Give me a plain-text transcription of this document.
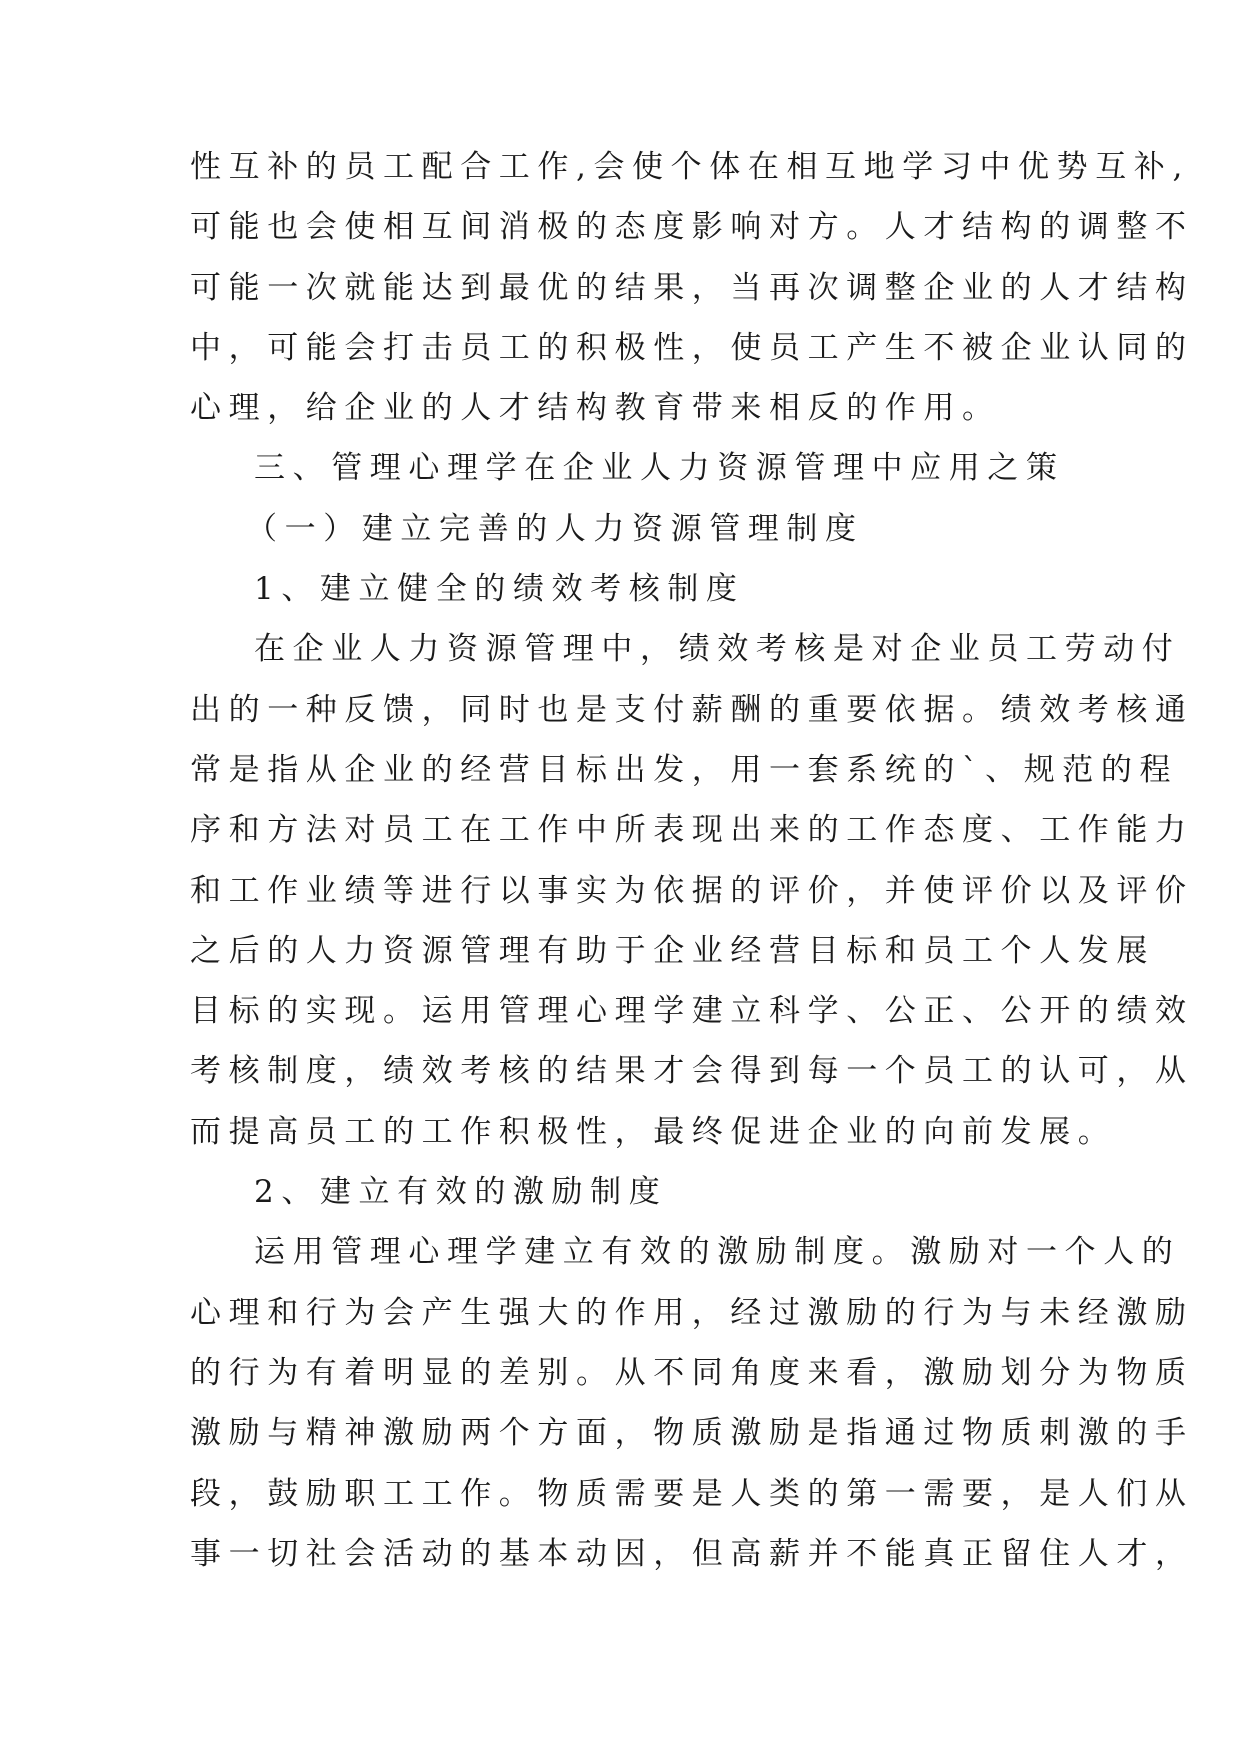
性互补的员工配合工作,会使个体在相互地学习中优势互补,
可能也会使相互间消极的态度影响对方。人才结构的调整不
可能一次就能达到最优的结果，当再次调整企业的人才结构
中，可能会打击员工的积极性，使员工产生不被企业认同的
心理，给企业的人才结构教育带来相反的作用。
三、管理心理学在企业人力资源管理中应用之策
（一）建立完善的人力资源管理制度
1、建立健全的绩效考核制度
在企业人力资源管理中，绩效考核是对企业员工劳动付
出的一种反馈，同时也是支付薪酬的重要依据。绩效考核通
常是指从企业的经营目标出发，用一套系统的`、规范的程
序和方法对员工在工作中所表现出来的工作态度、工作能力
和工作业绩等进行以事实为依据的评价，并使评价以及评价
之后的人力资源管理有助于企业经营目标和员工个人发展
目标的实现。运用管理心理学建立科学、公正、公开的绩效
考核制度，绩效考核的结果才会得到每一个员工的认可，从
而提高员工的工作积极性，最终促进企业的向前发展。
2、建立有效的激励制度
运用管理心理学建立有效的激励制度。激励对一个人的
心理和行为会产生强大的作用，经过激励的行为与未经激励
的行为有着明显的差别。从不同角度来看，激励划分为物质
激励与精神激励两个方面，物质激励是指通过物质刺激的手
段，鼓励职工工作。物质需要是人类的第一需要，是人们从
事一切社会活动的基本动因，但高薪并不能真正留住人才，
